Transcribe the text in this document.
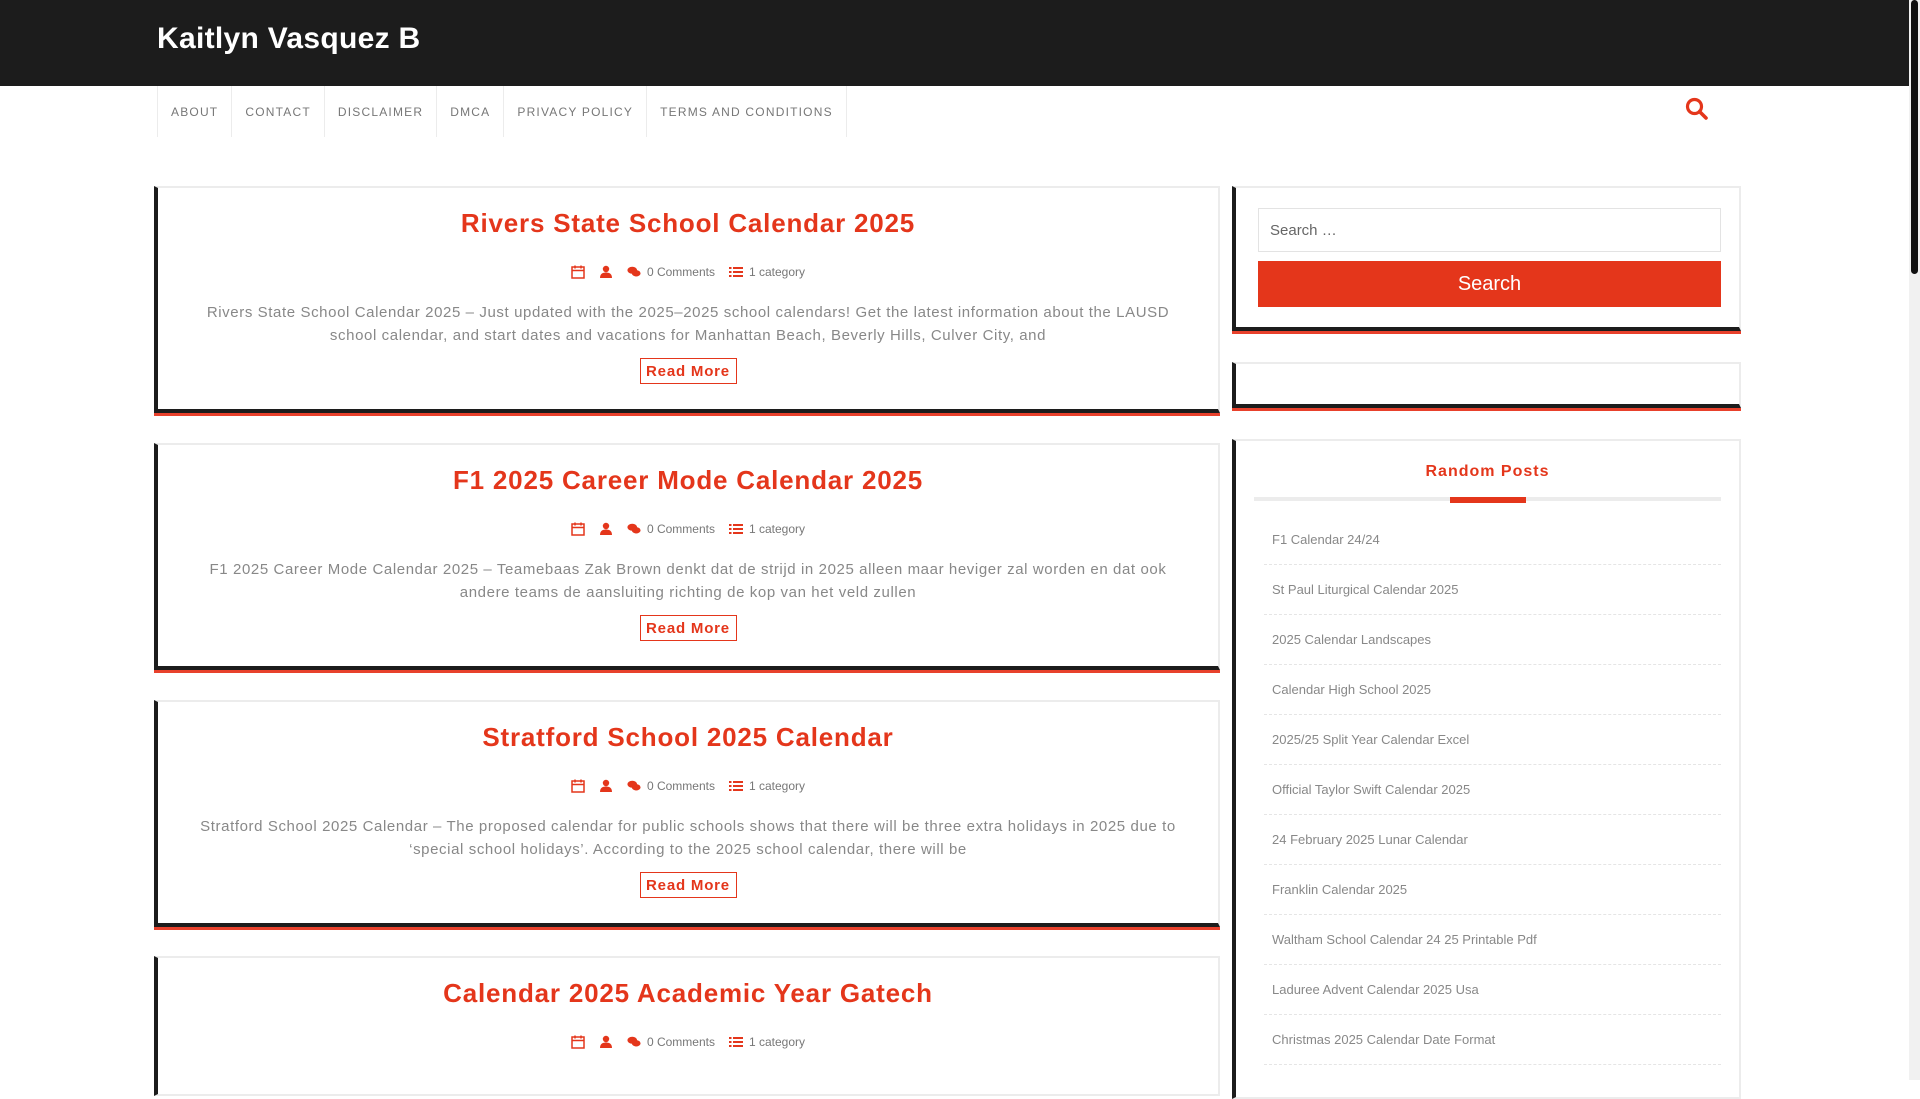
Kaitlyn Vasquez B
ABOUT	CONTACT	DISCLAIMER	DMCA	PRIVACY POLICY	TERMS AND CONDITIONS
Rivers State School Calendar 2025
0 Comments	1 category
Rivers State School Calendar 2025 – Just updated with the 2025–2025 school calendars! Get the latest information about the LAUSD school calendar, and start dates and vacations for Manhattan Beach, Beverly Hills, Culver City, and
Read More
F1 2025 Career Mode Calendar 2025
0 Comments	1 category
F1 2025 Career Mode Calendar 2025 – Teamebaas Zak Brown denkt dat de strijd in 2025 alleen maar heviger zal worden en dat ook andere teams de aansluiting richting de kop van het veld zullen
Read More
Stratford School 2025 Calendar
0 Comments	1 category
Stratford School 2025 Calendar – The proposed calendar for public schools shows that there will be three extra holidays in 2025 due to ‘special school holidays’. According to the 2025 school calendar, there will be
Read More
Calendar 2025 Academic Year Gatech
0 Comments	1 category
Search …
Search
Random Posts
F1 Calendar 24/24
St Paul Liturgical Calendar 2025
2025 Calendar Landscapes
Calendar High School 2025
2025/25 Split Year Calendar Excel
Official Taylor Swift Calendar 2025
24 February 2025 Lunar Calendar
Franklin Calendar 2025
Waltham School Calendar 24 25 Printable Pdf
Laduree Advent Calendar 2025 Usa
Christmas 2025 Calendar Date Format
